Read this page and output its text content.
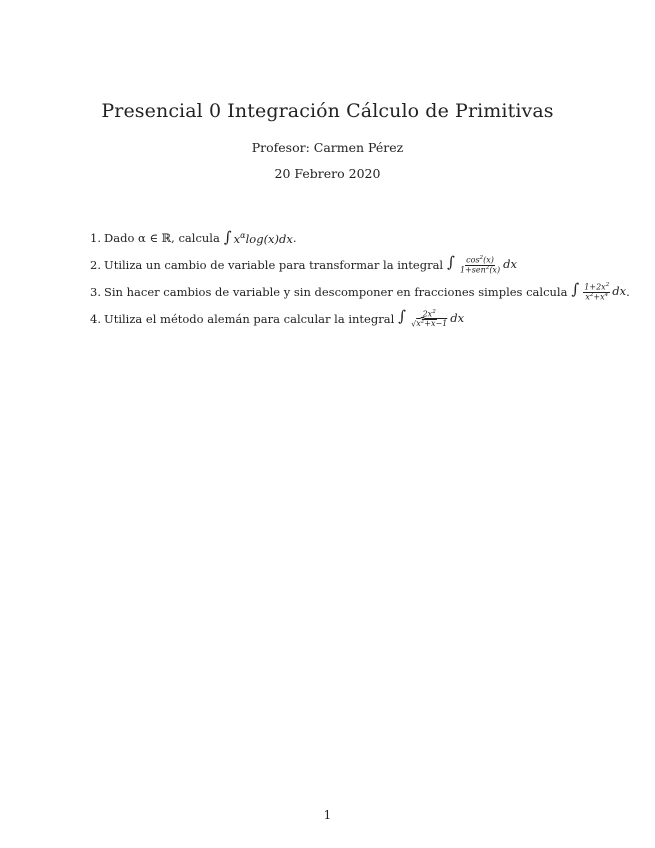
Presencial 0 Integración Cálculo de Primitivas
Profesor: Carmen Pérez
20 Febrero 2020
1. Dado α ∈ ℝ, calcula ∫ $x^\alpha\log(x)dx$ .
2. Utiliza un cambio de variable para transformar la integral ∫ $\frac{\cos^2(x)}{1+sen^2(x)}$ dx
3. Sin hacer cambios de variable y sin descomponer en fracciones simples calcula ∫ $\frac{1+2x^2}{x^2+x^4}$ dx .
4. Utiliza el método alemán para calcular la integral ∫ $\frac{2x^2}{√x^2+x-1}$ dx
1
